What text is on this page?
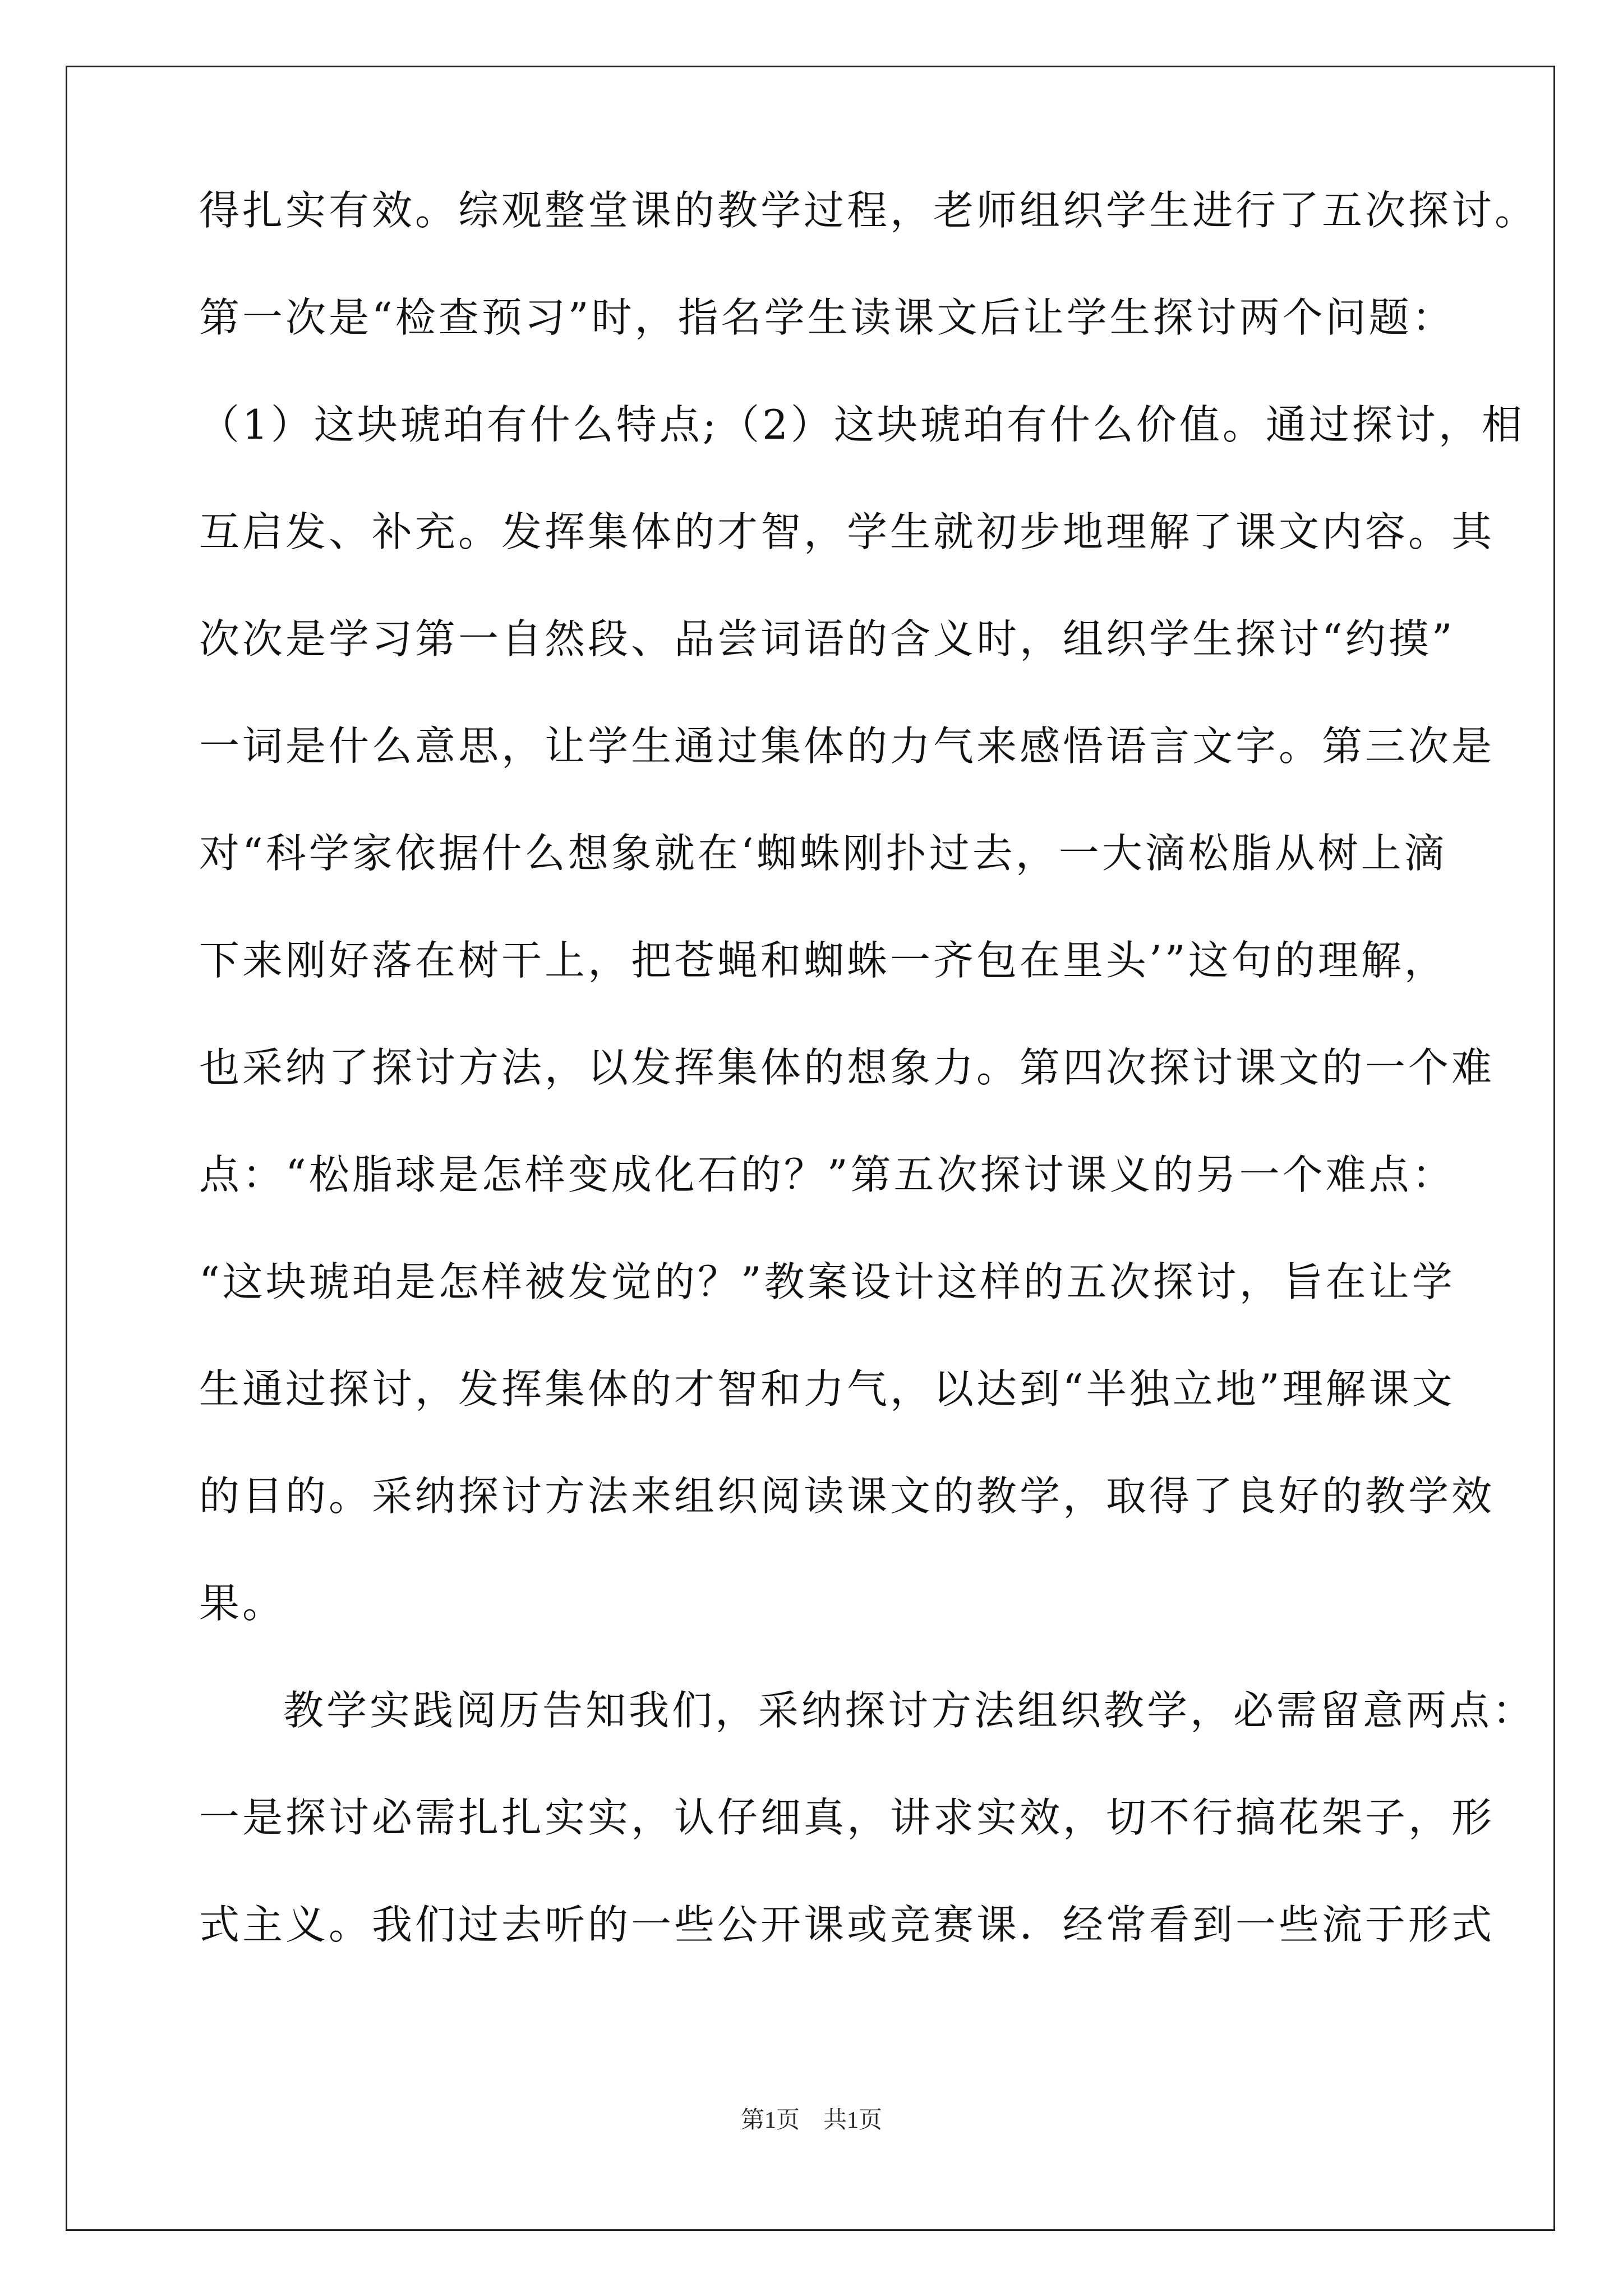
得扎实有效。综观整堂课的教学过程，老师组织学生进行了五次探讨。
第一次是“检查预习”时，指名学生读课文后让学生探讨两个问题：
（1）这块琥珀有什么特点;（2）这块琥珀有什么价值。通过探讨，相
互启发、补充。发挥集体的才智，学生就初步地理解了课文内容。其
次次是学习第一自然段、品尝词语的含义时，组织学生探讨“约摸”
一词是什么意思，让学生通过集体的力气来感悟语言文字。第三次是
对“科学家依据什么想象就在‘蜘蛛刚扑过去，一大滴松脂从树上滴
下来刚好落在树干上，把苍蝇和蜘蛛一齐包在里头’”这句的理解，
也采纳了探讨方法，以发挥集体的想象力。第四次探讨课文的一个难
点：“松脂球是怎样变成化石的？”第五次探讨课义的另一个难点：
“这块琥珀是怎样被发觉的？”教案设计这样的五次探讨，旨在让学
生通过探讨，发挥集体的才智和力气，以达到“半独立地”理解课文
的目的。采纳探讨方法来组织阅读课文的教学，取得了良好的教学效
果。
教学实践阅历告知我们，采纳探讨方法组织教学，必需留意两点：
一是探讨必需扎扎实实，认仔细真，讲求实效，切不行搞花架子，形
式主义。我们过去听的一些公开课或竞赛课．经常看到一些流于形式
第1页　共1页
